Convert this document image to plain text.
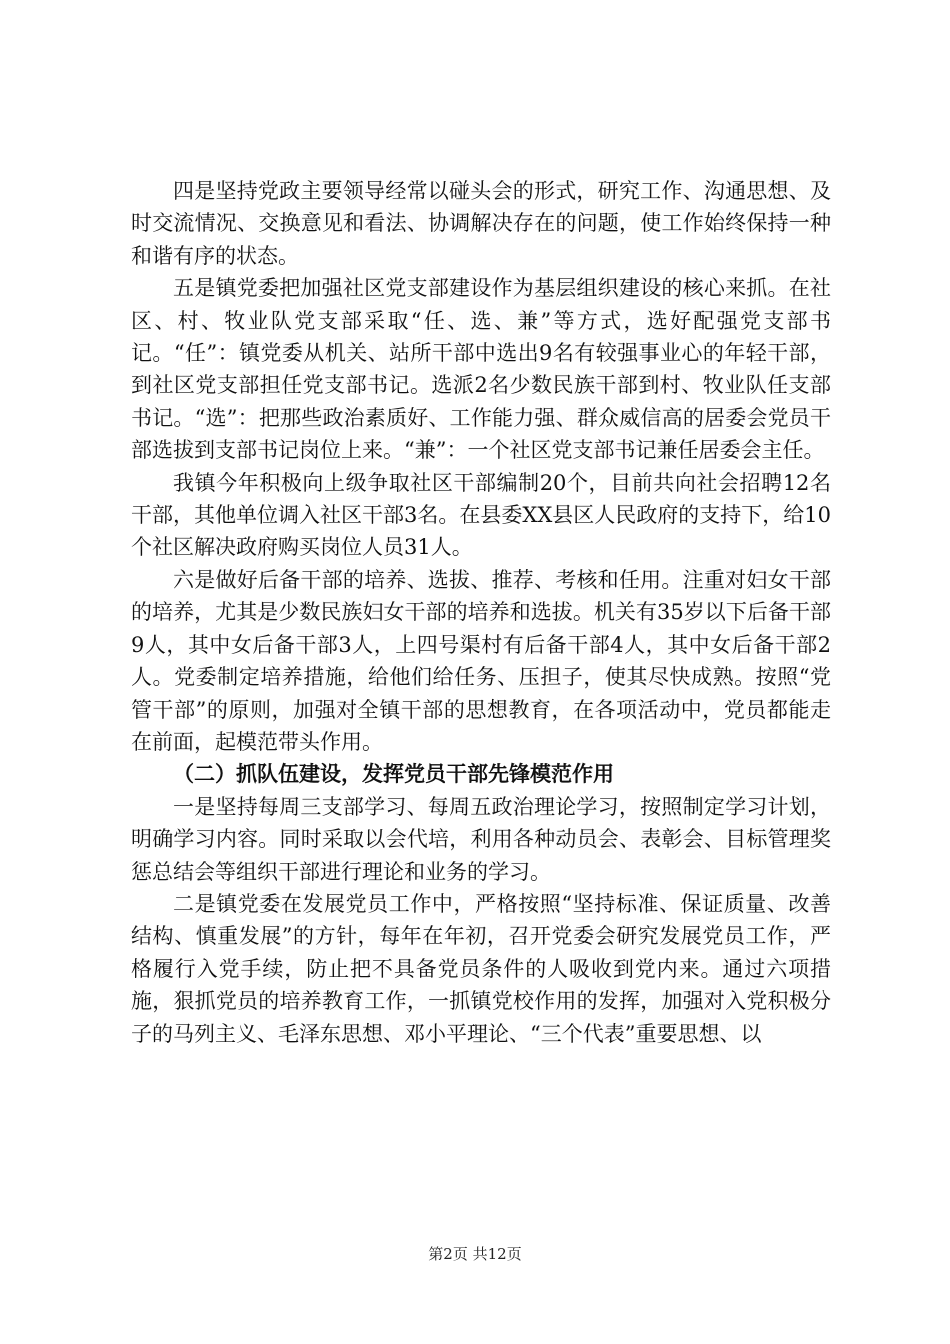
四是坚持党政主要领导经常以碰头会的形式，研究工作、沟通思想、及时交流情况、交换意见和看法、协调解决存在的问题，使工作始终保持一种和谐有序的状态。

五是镇党委把加强社区党支部建设作为基层组织建设的核心来抓。在社区、村、牧业队党支部采取“任、选、兼”等方式，选好配强党支部书记。“任”：镇党委从机关、站所干部中选出9名有较强事业心的年轻干部，到社区党支部担任党支部书记。选派2名少数民族干部到村、牧业队任支部书记。“选”：把那些政治素质好、工作能力强、群众威信高的居委会党员干部选拔到支部书记岗位上来。“兼”：一个社区党支部书记兼任居委会主任。

我镇今年积极向上级争取社区干部编制20个，目前共向社会招聘12名干部，其他单位调入社区干部3名。在县委XX县区人民政府的支持下，给10个社区解决政府购买岗位人员31人。

六是做好后备干部的培养、选拔、推荐、考核和任用。注重对妇女干部的培养，尤其是少数民族妇女干部的培养和选拔。机关有35岁以下后备干部9人，其中女后备干部3人，上四号渠村有后备干部4人，其中女后备干部2人。党委制定培养措施，给他们给任务、压担子，使其尽快成熟。按照“党管干部”的原则，加强对全镇干部的思想教育，在各项活动中，党员都能走在前面，起模范带头作用。

（二）抓队伍建设，发挥党员干部先锋模范作用

一是坚持每周三支部学习、每周五政治理论学习，按照制定学习计划，明确学习内容。同时采取以会代培，利用各种动员会、表彰会、目标管理奖惩总结会等组织干部进行理论和业务的学习。

二是镇党委在发展党员工作中，严格按照“坚持标准、保证质量、改善结构、慎重发展”的方针，每年在年初，召开党委会研究发展党员工作，严格履行入党手续，防止把不具备党员条件的人吸收到党内来。通过六项措施，狠抓党员的培养教育工作，一抓镇党校作用的发挥，加强对入党积极分子的马列主义、毛泽东思想、邓小平理论、“三个代表”重要思想、以

第2页 共12页
